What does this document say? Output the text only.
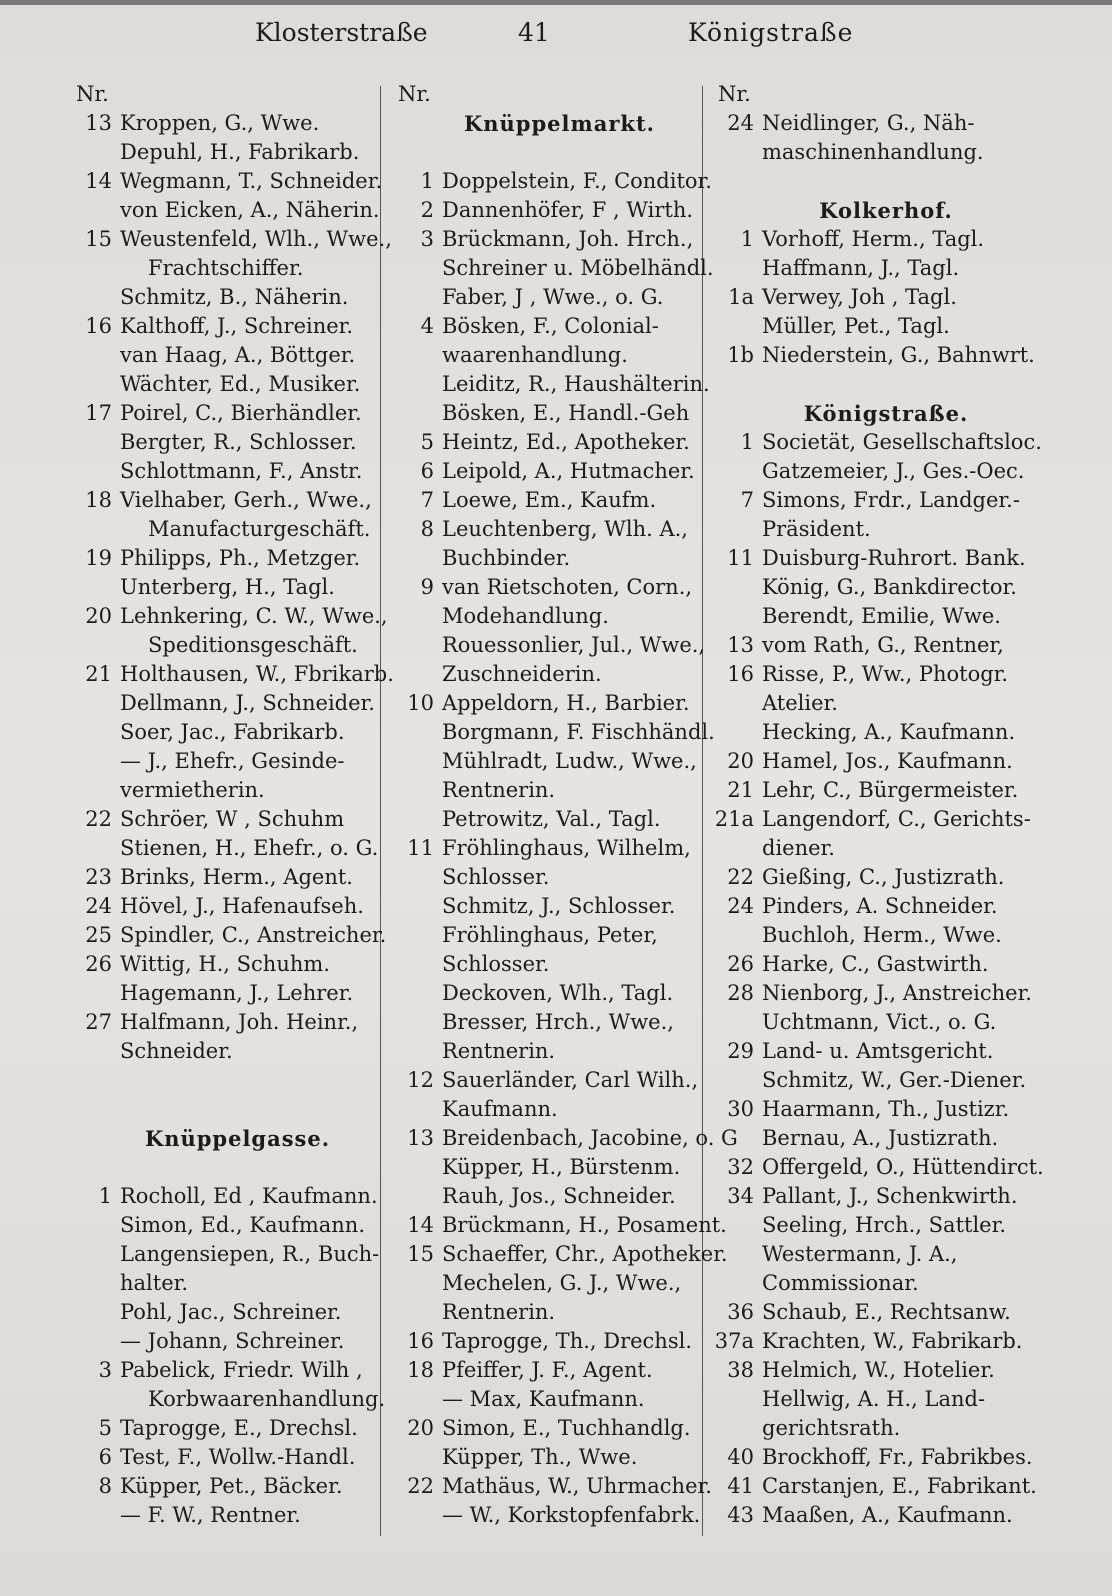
Klosterstraße	41	Königstraße
Nr.
13 Kroppen, G., Wwe.
Depuhl, H., Fabrikarb.
14 Wegmann, T., Schneider.
von Eicken, A., Näherin.
15 Weustenfeld, Wlh., Wwe.,
Frachtschiffer.
Schmitz, B., Näherin.
16 Kalthoff, J., Schreiner.
van Haag, A., Böttger.
Wächter, Ed., Musiker.
17 Poirel, C., Bierhändler.
Bergter, R., Schlosser.
Schlottmann, F., Anstr.
18 Vielhaber, Gerh., Wwe.,
Manufacturgeschäft.
19 Philipps, Ph., Metzger.
Unterberg, H., Tagl.
20 Lehnkering, C. W., Wwe.,
Speditionsgeschäft.
21 Holthausen, W., Fbrikarb.
Dellmann, J., Schneider.
Soer, Jac., Fabrikarb.
— J., Ehefr., Gesinde-
vermietherin.
22 Schröer, W , Schuhm
Stienen, H., Ehefr., o. G.
23 Brinks, Herm., Agent.
24 Hövel, J., Hafenaufseh.
25 Spindler, C., Anstreicher.
26 Wittig, H., Schuhm.
Hagemann, J., Lehrer.
27 Halfmann, Joh. Heinr.,
Schneider.
Knüppelgasse.
1 Rocholl, Ed , Kaufmann.
Simon, Ed., Kaufmann.
Langensiepen, R., Buch-
halter.
Pohl, Jac., Schreiner.
— Johann, Schreiner.
3 Pabelick, Friedr. Wilh ,
Korbwaarenhandlung.
5 Taprogge, E., Drechsl.
6 Test, F., Wollw.-Handl.
8 Küpper, Pet., Bäcker.
— F. W., Rentner.
Nr.
Knüppelmarkt.
1 Doppelstein, F., Conditor.
2 Dannenhöfer, F , Wirth.
3 Brückmann, Joh. Hrch.,
Schreiner u. Möbelhändl.
Faber, J , Wwe., o. G.
4 Bösken, F., Colonial-
waarenhandlung.
Leiditz, R., Haushälterin.
Bösken, E., Handl.-Geh
5 Heintz, Ed., Apotheker.
6 Leipold, A., Hutmacher.
7 Loewe, Em., Kaufm.
8 Leuchtenberg, Wlh. A.,
Buchbinder.
9 van Rietschoten, Corn.,
Modehandlung.
Rouessonlier, Jul., Wwe.,
Zuschneiderin.
10 Appeldorn, H., Barbier.
Borgmann, F. Fischhändl.
Mühlradt, Ludw., Wwe.,
Rentnerin.
Petrowitz, Val., Tagl.
11 Fröhlinghaus, Wilhelm,
Schlosser.
Schmitz, J., Schlosser.
Fröhlinghaus, Peter,
Schlosser.
Deckoven, Wlh., Tagl.
Bresser, Hrch., Wwe.,
Rentnerin.
12 Sauerländer, Carl Wilh.,
Kaufmann.
13 Breidenbach, Jacobine, o. G
Küpper, H., Bürstenm.
Rauh, Jos., Schneider.
14 Brückmann, H., Posament.
15 Schaeffer, Chr., Apotheker.
Mechelen, G. J., Wwe.,
Rentnerin.
16 Taprogge, Th., Drechsl.
18 Pfeiffer, J. F., Agent.
— Max, Kaufmann.
20 Simon, E., Tuchhandlg.
Küpper, Th., Wwe.
22 Mathäus, W., Uhrmacher.
— W., Korkstopfenfabrk.
Nr.
24 Neidlinger, G., Näh-
maschinenhandlung.
Kolkerhof.
1 Vorhoff, Herm., Tagl.
Haffmann, J., Tagl.
1a Verwey, Joh , Tagl.
Müller, Pet., Tagl.
1b Niederstein, G., Bahnwrt.
Königstraße.
1 Societät, Gesellschaftsloc.
Gatzemeier, J., Ges.-Oec.
7 Simons, Frdr., Landger.-
Präsident.
11 Duisburg-Ruhrort. Bank.
König, G., Bankdirector.
Berendt, Emilie, Wwe.
13 vom Rath, G., Rentner,
16 Risse, P., Ww., Photogr.
Atelier.
Hecking, A., Kaufmann.
20 Hamel, Jos., Kaufmann.
21 Lehr, C., Bürgermeister.
21a Langendorf, C., Gerichts-
diener.
22 Gießing, C., Justizrath.
24 Pinders, A. Schneider.
Buchloh, Herm., Wwe.
26 Harke, C., Gastwirth.
28 Nienborg, J., Anstreicher.
Uchtmann, Vict., o. G.
29 Land- u. Amtsgericht.
Schmitz, W., Ger.-Diener.
30 Haarmann, Th., Justizr.
Bernau, A., Justizrath.
32 Offergeld, O., Hüttendirct.
34 Pallant, J., Schenkwirth.
Seeling, Hrch., Sattler.
Westermann, J. A.,
Commissionar.
36 Schaub, E., Rechtsanw.
37a Krachten, W., Fabrikarb.
38 Helmich, W., Hotelier.
Hellwig, A. H., Land-
gerichtsrath.
40 Brockhoff, Fr., Fabrikbes.
41 Carstanjen, E., Fabrikant.
43 Maaßen, A., Kaufmann.
